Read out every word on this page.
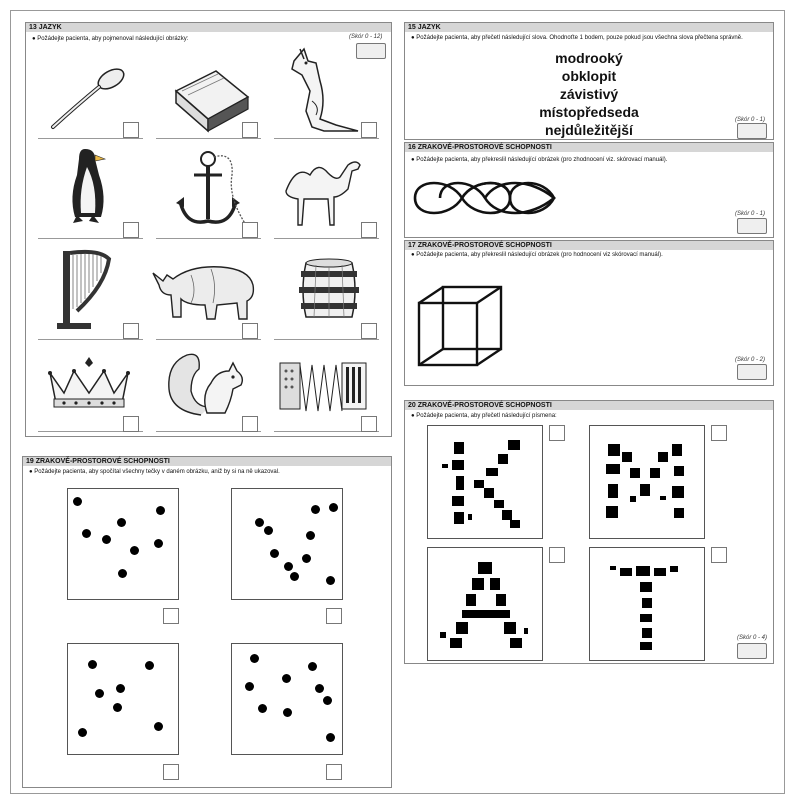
13 JAZYK
● Požádejte pacienta, aby pojmenoval následující obrázky:	(Skór 0 - 12)
15 JAZYK
● Požádejte pacienta, aby přečetl následující slova. Ohodnoťte 1 bodem, pouze pokud jsou všechna slova přečtena správně.
modrooký
obklopit
závistivý
místopředseda
nejdůležitější
(Skór 0 - 1)
16 ZRAKOVĚ-PROSTOROVÉ SCHOPNOSTI
● Požádejte pacienta, aby překreslil následující obrázek (pro zhodnocení viz. skórovací manuál).
(Skór 0 - 1)
17 ZRAKOVĚ-PROSTOROVÉ SCHOPNOSTI
● Požádejte pacienta, aby překreslil následující obrázek (pro hodnocení viz skórovací manuál).
(Skór 0 - 2)
19 ZRAKOVĚ-PROSTOROVÉ SCHOPNOSTI
● Požádejte pacienta, aby spočítal všechny tečky v daném obrázku, aniž by si na ně ukazoval.
20 ZRAKOVĚ-PROSTOROVÉ SCHOPNOSTI
● Požádejte pacienta, aby přečetl následující písmena:
(Skór 0 - 4)
